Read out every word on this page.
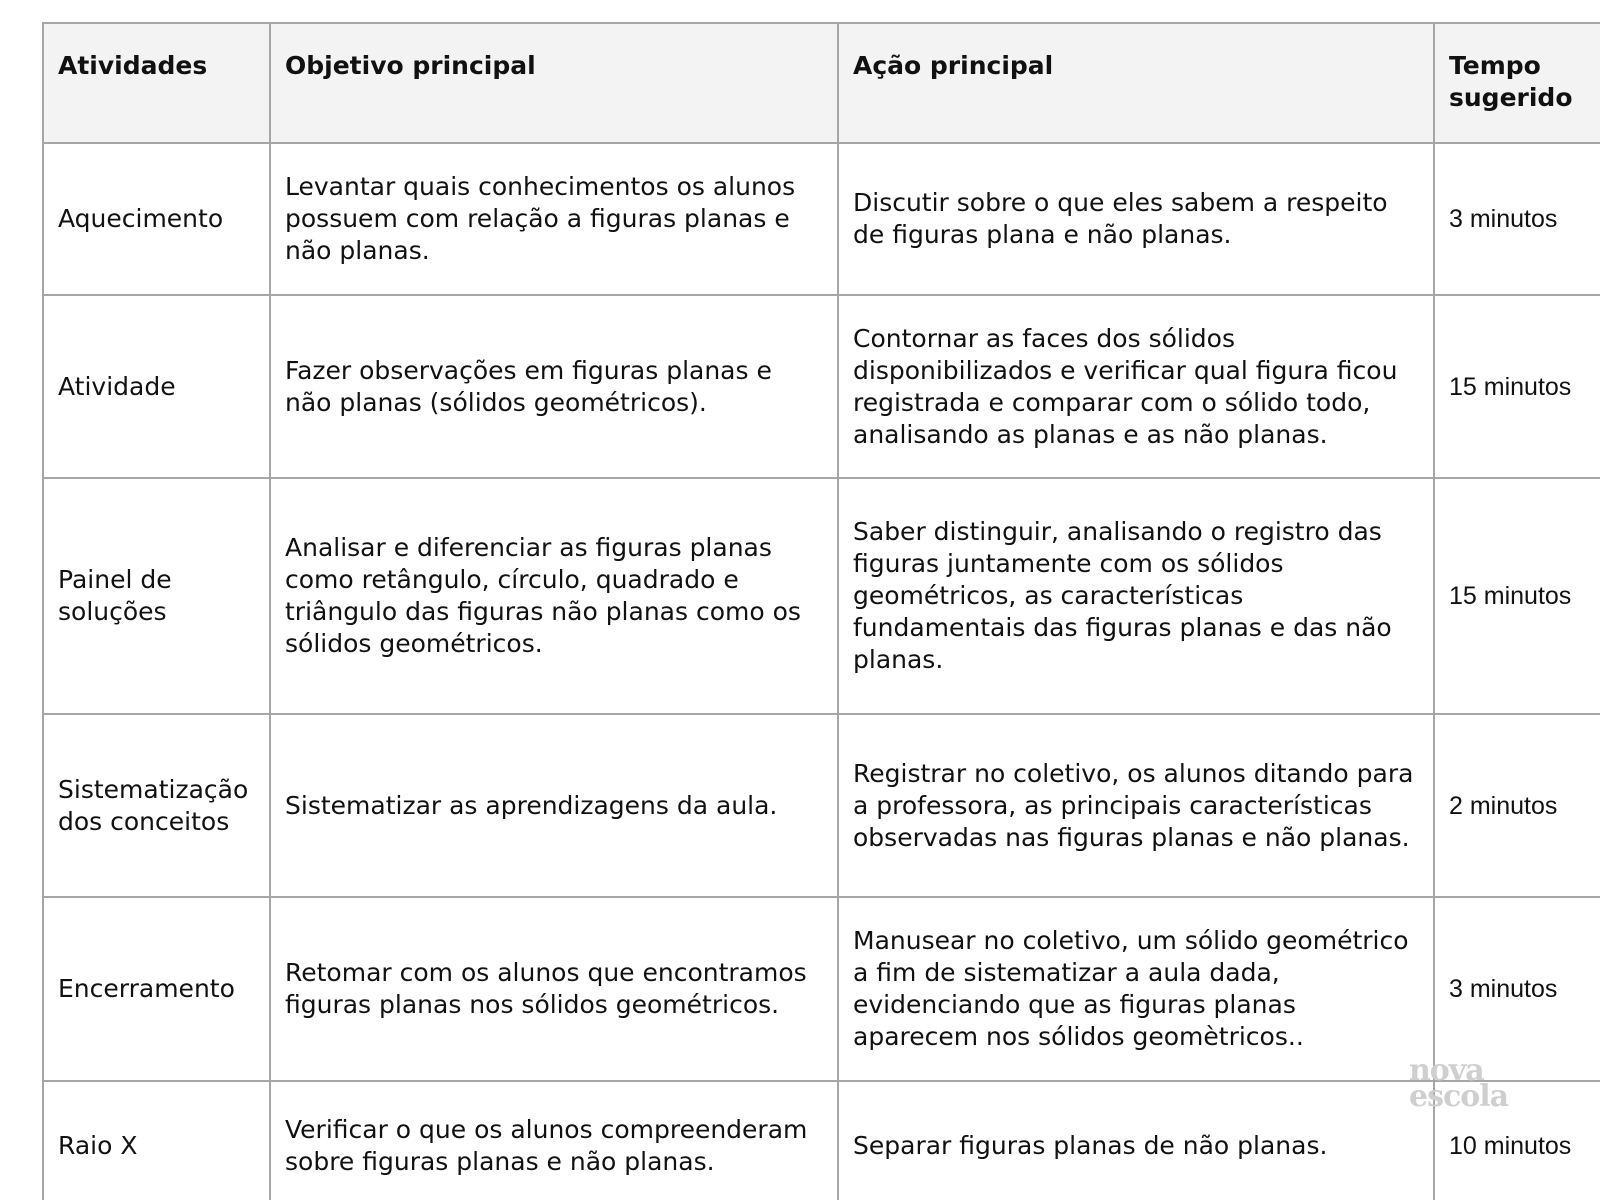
Atividades	Objetivo principal	Ação principal	Tempo sugerido
Aquecimento	Levantar quais conhecimentos os alunos possuem com relação a figuras planas e não planas.	Discutir sobre o que eles sabem a respeito de figuras plana e não planas.	3 minutos
Atividade	Fazer observações em figuras planas e não planas (sólidos geométricos).	Contornar as faces dos sólidos disponibilizados e verificar qual figura ficou registrada e comparar com o sólido todo, analisando as planas e as não planas.	15 minutos
Painel de soluções	Analisar e diferenciar as figuras planas como retângulo, círculo, quadrado e triângulo das figuras não planas como os sólidos geométricos.	Saber distinguir, analisando o registro das figuras juntamente com os sólidos geométricos, as características fundamentais das figuras planas e das não planas.	15 minutos
Sistematização dos conceitos	Sistematizar as aprendizagens da aula.	Registrar no coletivo, os alunos ditando para a professora, as principais características observadas nas figuras planas e não planas.	2 minutos
Encerramento	Retomar com os alunos que encontramos figuras planas nos sólidos geométricos.	Manusear no coletivo, um sólido geométrico a fim de sistematizar a aula dada, evidenciando que as figuras planas aparecem nos sólidos geomètricos..	3 minutos
Raio X	Verificar o que os alunos compreenderam sobre figuras planas e não planas.	Separar figuras planas de não planas.	10 minutos
nova
escola
